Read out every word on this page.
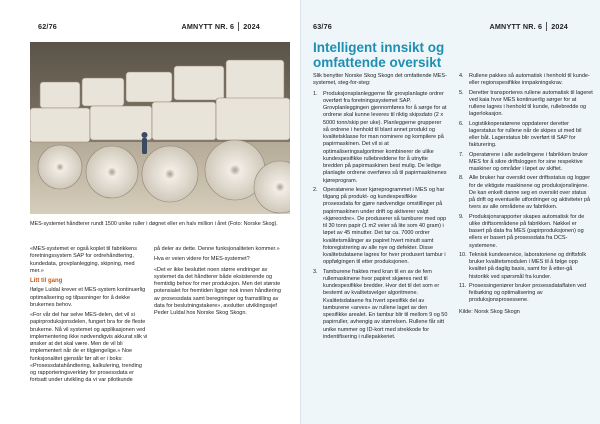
62/76	AMNYTT NR. 6 2024
MES-systemet håndterer rundt 1500 unike ruller i døgnet eller en halv million i året (Foto: Norske Skog).

«MES-systemet er også koplet til fabrikkens foretningssystem SAP for ordrehåndtering, kundedata, grovplanlegging, skipning, med mer.»

Litt til gang

Ifølge Luldal krever et MES-system kontinuerlig optimalisering og tilpasninger for å dekke brukernes behov.

«For vår del har selve MES-delen, det vil si papirproduksjonsdelen, fungert bra for de fleste brukerne. Nå vil systemet og applikasjonen ved implementering ikke nødvendigvis akkurat slik vi ønsker at det skal være. Men de vil bli implementert når de er tilgjengelige.» Noe funksjonalitet gjenstår før alt er i boks: «Prosessdatahåndtering, kalkulering, trending og rapporteringsverktøy for prosessdata er fortsatt under utvikling da vi var pilotkunde

på deler av dette. Denne funksjonaliteten kommer.»

Hva er veien videre for MES-systemet?

«Det er ikke besluttet noen større endringer av systemet da det håndterer både eksisterende og fremtidig behov for mer produksjon. Men det største potensialet for fremtiden ligger nok innen håndtering av prosessdata samt beregninger og framstilling av data for beslutningstakere», avslutter utviklingssjef Peder Luldal hos Norske Skog Skogn.

63/76	AMNYTT NR. 6 2024
Intelligent innsikt og omfattende oversikt

Slik benytter Norske Skog Skogn det omfattende MES-systemet, steg-for-steg:

1. Produksjonsplanleggerne får grovplanlagte ordrer overført fra foretningssystemet SAP. Grovplanleggingen gjennomføres for å sørge for at ordrene skal kunne leveres til riktig skipsdato (2 x 5000 tonn/skip per uke). Planleggerne grupperer så ordrene i henhold til blant annet produkt og kvalitetsklasse for man nominere og kompilere på papirmaskinen. Det vil si at optimaliseringsalgoritmer kombinerer de ulike kundespesifikke rullebreddene for å utnytte bredden på papirmaskinen best mulig. De ledige planlagte ordrene overføres så til papirmaskinenes kjøreprogram.
2. Operatørene leser kjøreprogrammet i MES og har tilgang på produkt- og kundespesifikke prosessdata for gjøre nødvendige omstillinger på papirmaskinen under drift og aktiverer valgt «kjøreordre». De produserer så tamburer med opp til 30 tonn papir (1 m2 veier så lite som 40 gram) i løpet av 45 minutter. Det tar ca. 7000 ordrer kvalitetsmålinger av papiret hvert minutt samt fotoregistrering av alle nye og defekter. Disse kvalitetsdataene lagres for hver produsert tambur i oppfølgingen til etter produksjonen.
3. Tamburene fraktes med kran til en av de fem rullemaskinene hvor papiret skjæres ned til kundespesifikke bredder. Hvor det til det som er bestemt av kvalitetsvelger algoritmene. Kvalitetsdataene fra hvert spesifikk del av tamburene «arves» av rullene laget av den spesifikke arealet. En tambur blir til mellom 9 og 50 papirruller, avhengig av størrelsen. Rullene får sitt unike nummer og ID-kort med strekkode for indentifisering i rullepakkeriet.
4. Rullene pakkes så automatisk i henhold til kunde- eller regionspesifikke innpakningskrav.
5. Deretter transporteres rullene automatisk til lageret ved kaia hvor MES kontinuerlig sørger for at rullene lagres i henhold til kunde, rullebredde og lagerlokasjon.
6. Logistikkoperatørene oppdaterer deretter lagerstatus for rullene når de skipes ut med bil eller båt. Lagerstatus blir overført til SAP for fakturering.
7. Operatørene i alle avdelingene i fabrikken bruker MES for å sikre driftsloggen for sine respektive maskiner og områder i løpet av skiftet.
8. Alle bruker har oversikt over driftsstatus og logger for de viktigste maskinene og produksjonslinjene. De kan enkelt danne seg en oversikt over status på drift og eventuelle utfordringer og aktiviteter på tvers av alle områdene av fabrikken.
9. Produksjonsrapporter skapes automatisk for de ulike driftsområdene på fabrikken. Nøkkel er basert på data fra MES (papirproduksjonen) og ellers er basert på prosessdata fra DCS-systemene.
10. Teknisk kundeservice, laboratoriene og driftsfolk bruker kvalitetsmodulen i MES til å følge opp kvalitet på daglig basis, samt for å etter-gå historikk ved spørsmål fra kunder.
11. Prosessingeniører bruker prosessdataflaten ved feilsøking og optimalisering av produksjonsprosessene.

Kilde: Norsk Skog Skogn
